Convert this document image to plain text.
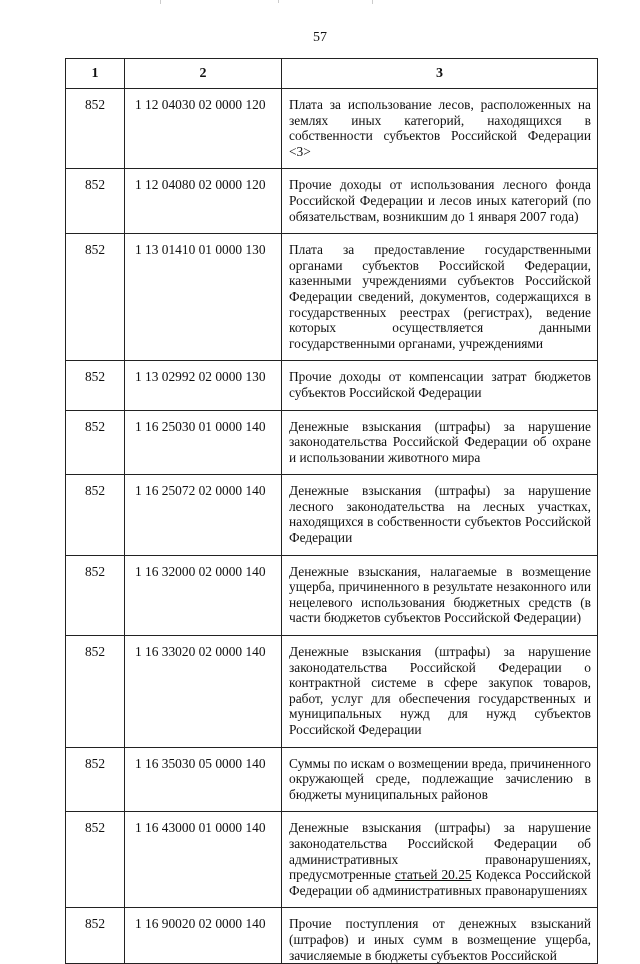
57
1	2	3
852	1 12 04030 02 0000 120	Плата за использование лесов, расположенных на землях иных категорий, находящихся в собственности субъектов Российской Федерации <3>
852	1 12 04080 02 0000 120	Прочие доходы от использования лесного фонда Российской Федерации и лесов иных категорий (по обязательствам, возникшим до 1 января 2007 года)
852	1 13 01410 01 0000 130	Плата за предоставление государственными органами субъектов Российской Федерации, казенными учреждениями субъектов Российской Федерации сведений, документов, содержащихся в государственных реестрах (регистрах), ведение которых осуществляется данными государственными органами, учреждениями
852	1 13 02992 02 0000 130	Прочие доходы от компенсации затрат бюджетов субъектов Российской Федерации
852	1 16 25030 01 0000 140	Денежные взыскания (штрафы) за нарушение законодательства Российской Федерации об охране и использовании животного мира
852	1 16 25072 02 0000 140	Денежные взыскания (штрафы) за нарушение лесного законодательства на лесных участках, находящихся в собственности субъектов Российской Федерации
852	1 16 32000 02 0000 140	Денежные взыскания, налагаемые в возмещение ущерба, причиненного в результате незаконного или нецелевого использования бюджетных средств (в части бюджетов субъектов Российской Федерации)
852	1 16 33020 02 0000 140	Денежные взыскания (штрафы) за нарушение законодательства Российской Федерации о контрактной системе в сфере закупок товаров, работ, услуг для обеспечения государственных и муниципальных нужд для нужд субъектов Российской Федерации
852	1 16 35030 05 0000 140	Суммы по искам о возмещении вреда, причиненного окружающей среде, подлежащие зачислению в бюджеты муниципальных районов
852	1 16 43000 01 0000 140	Денежные взыскания (штрафы) за нарушение законодательства Российской Федерации об административных правонарушениях, предусмотренные статьей 20.25 Кодекса Российской Федерации об административных правонарушениях
852	1 16 90020 02 0000 140	Прочие поступления от денежных взысканий (штрафов) и иных сумм в возмещение ущерба, зачисляемые в бюджеты субъектов Российской
